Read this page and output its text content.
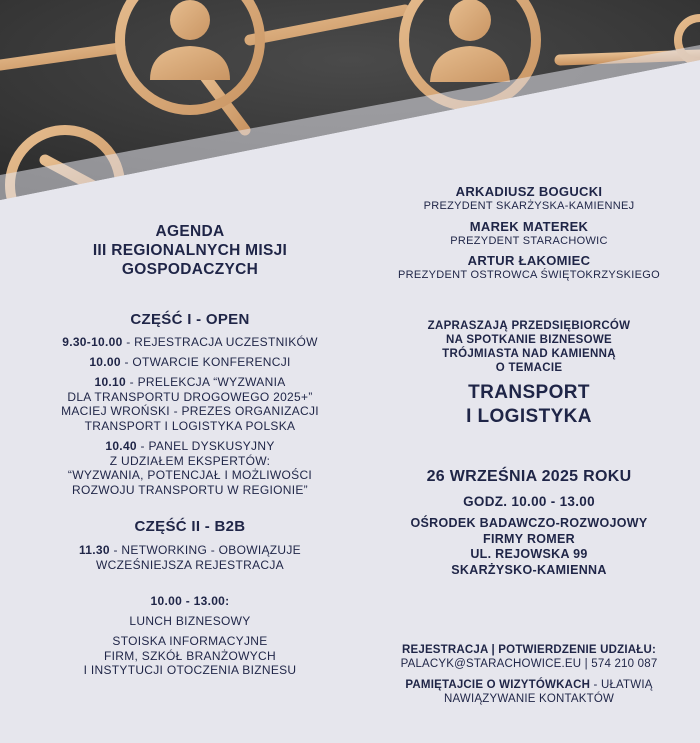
AGENDA
III REGIONALNYCH MISJI
GOSPODACZYCH
CZĘŚĆ I - OPEN
9.30-10.00 - REJESTRACJA UCZESTNIKÓW
10.00 - OTWARCIE KONFERENCJI
10.10 - PRELEKCJA “WYZWANIA
DLA TRANSPORTU DROGOWEGO 2025+”
MACIEJ WROŃSKI - PREZES ORGANIZACJI
TRANSPORT I LOGISTYKA POLSKA
10.40 - PANEL DYSKUSYJNY
Z UDZIAŁEM EKSPERTÓW:
“WYZWANIA, POTENCJAŁ I MOŻLIWOŚCI
ROZWOJU TRANSPORTU W REGIONIE”
CZĘŚĆ II - B2B
11.30 - NETWORKING - OBOWIĄZUJE
WCZEŚNIEJSZA REJESTRACJA
10.00 - 13.00:
LUNCH BIZNESOWY
STOISKA INFORMACYJNE
FIRM, SZKÓŁ BRANŻOWYCH
I INSTYTUCJI OTOCZENIA BIZNESU
ARKADIUSZ BOGUCKI
PREZYDENT SKARŻYSKA-KAMIENNEJ
MAREK MATEREK
PREZYDENT STARACHOWIC
ARTUR ŁAKOMIEC
PREZYDENT OSTROWCA ŚWIĘTOKRZYSKIEGO
ZAPRASZAJĄ PRZEDSIĘBIORCÓW
NA SPOTKANIE BIZNESOWE
TRÓJMIASTA NAD KAMIENNĄ
O TEMACIE
TRANSPORT
I LOGISTYKA
26 WRZEŚNIA 2025 ROKU
GODZ. 10.00 - 13.00
OŚRODEK BADAWCZO-ROZWOJOWY
FIRMY ROMER
UL. REJOWSKA 99
SKARŻYSKO-KAMIENNA
REJESTRACJA | POTWIERDZENIE UDZIAŁU:
PALACYK@STARACHOWICE.EU | 574 210 087
PAMIĘTAJCIE O WIZYTÓWKACH - UŁATWIĄ
NAWIĄZYWANIE KONTAKTÓW
